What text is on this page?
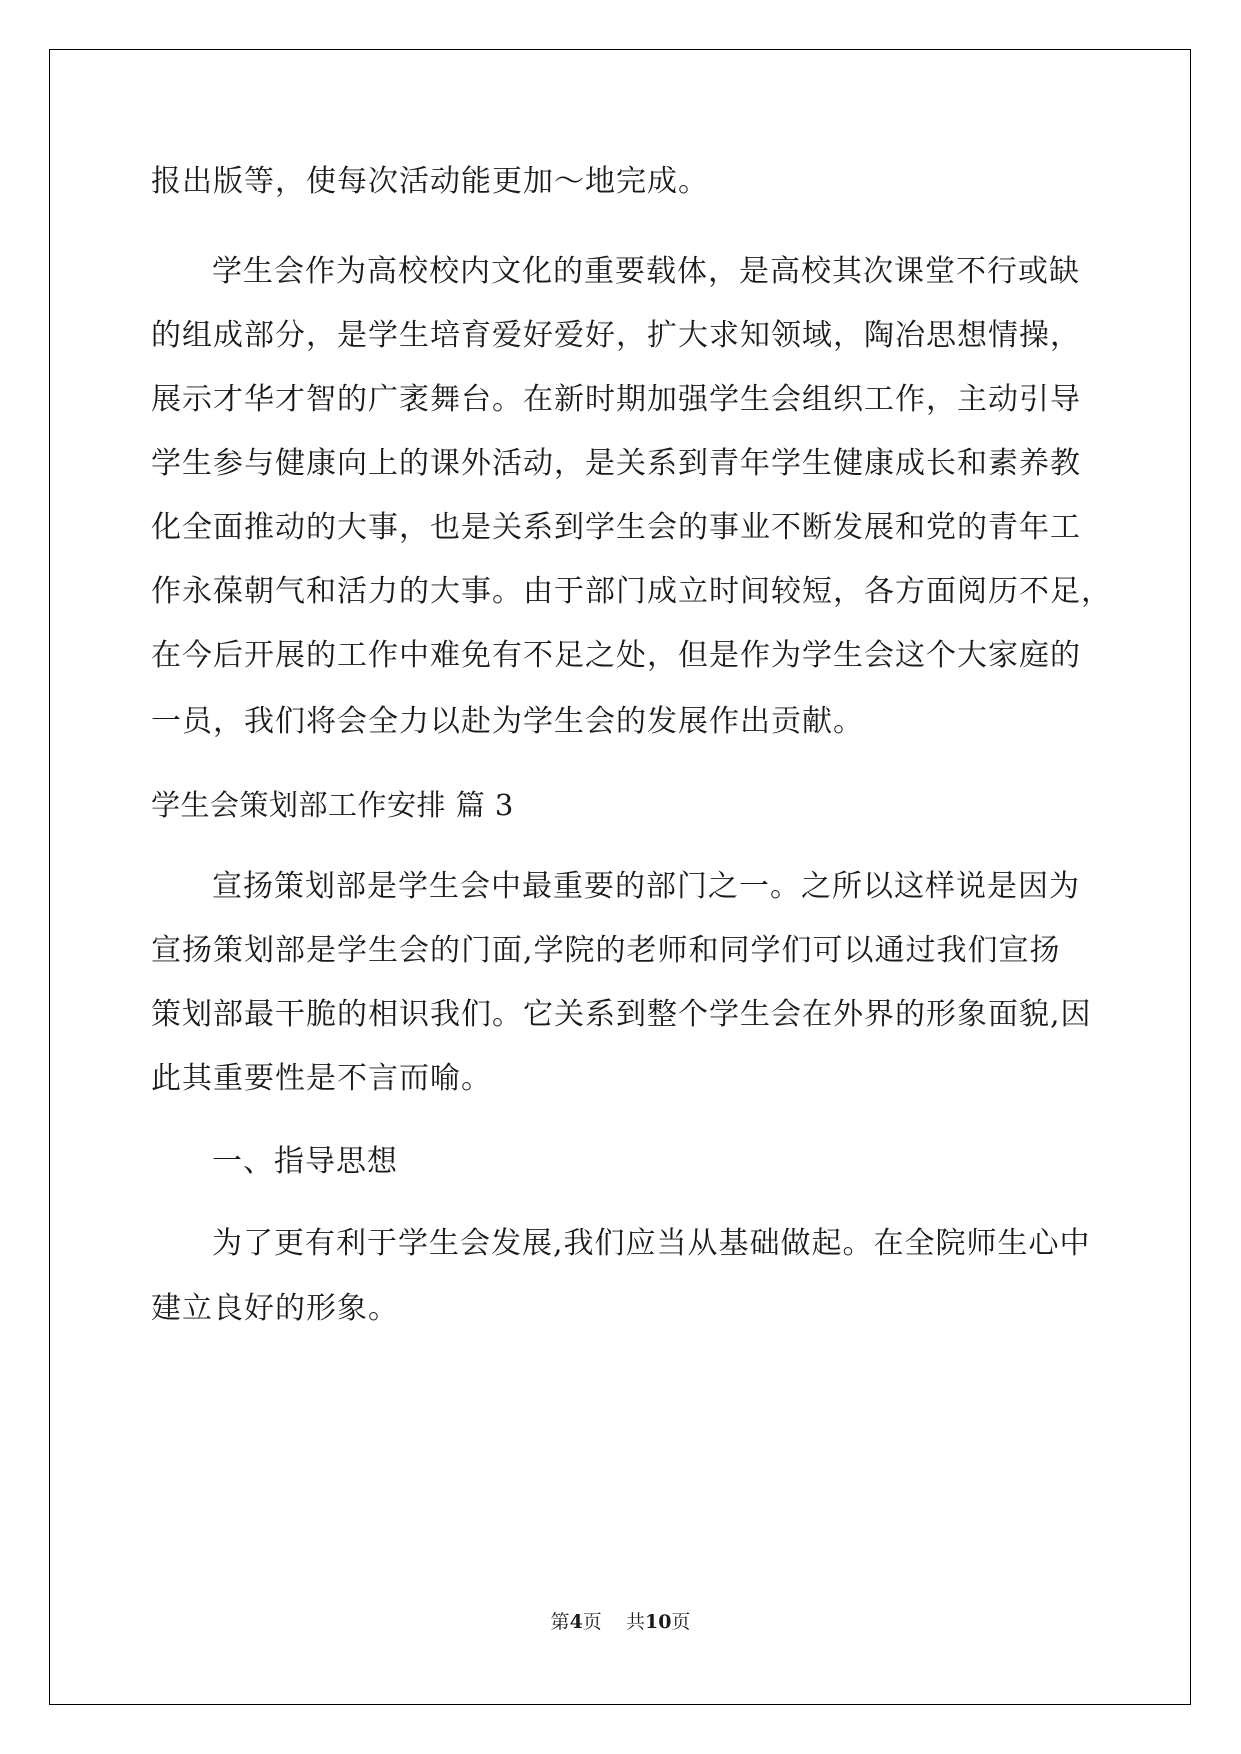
报出版等，使每次活动能更加～地完成。

学生会作为高校校内文化的重要载体，是高校其次课堂不行或缺

的组成部分，是学生培育爱好爱好，扩大求知领域，陶冶思想情操，

展示才华才智的广袤舞台。在新时期加强学生会组织工作，主动引导

学生参与健康向上的课外活动，是关系到青年学生健康成长和素养教

化全面推动的大事，也是关系到学生会的事业不断发展和党的青年工

作永葆朝气和活力的大事。由于部门成立时间较短，各方面阅历不足，

在今后开展的工作中难免有不足之处，但是作为学生会这个大家庭的

一员，我们将会全力以赴为学生会的发展作出贡献。

学生会策划部工作安排 篇 3

宣扬策划部是学生会中最重要的部门之一。之所以这样说是因为

宣扬策划部是学生会的门面,学院的老师和同学们可以通过我们宣扬

策划部最干脆的相识我们。它关系到整个学生会在外界的形象面貌,因

此其重要性是不言而喻。

一、指导思想

为了更有利于学生会发展,我们应当从基础做起。在全院师生心中

建立良好的形象。

第4页    共10页
